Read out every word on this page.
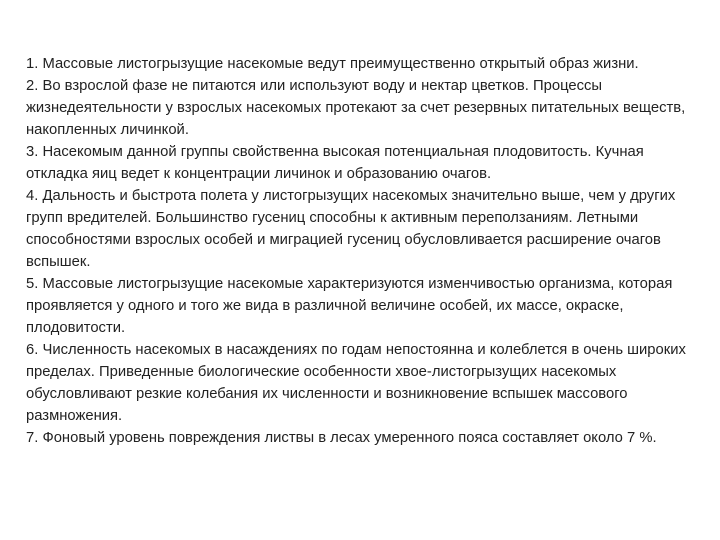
1. Массовые листогрызущие насекомые ведут преимущественно открытый образ жизни.

2. Во взрослой фазе не питаются или используют воду и нектар цветков. Процессы жизнедеятельности у взрослых насекомых протекают за счет резервных питательных веществ, накопленных личинкой.

3. Насекомым данной группы свойственна высокая потенциальная плодовитость. Кучная откладка яиц ведет к концентрации личинок и образованию очагов.

4. Дальность и быстрота полета у листогрызущих насекомых значительно выше, чем у других групп вредителей. Большинство гусениц способны к активным переползаниям. Летными способностями взрослых особей и миграцией гусениц обусловливается расширение очагов вспышек.

5. Массовые листогрызущие насекомые характеризуются изменчивостью организма, которая проявляется у одного и того же вида в различной величине особей, их массе, окраске, плодовитости.

6. Численность насекомых в насаждениях по годам непостоянна и колеблется в очень широких пределах. Приведенные биологические особенности хвое-листогрызущих насекомых обусловливают резкие колебания их численности и возникновение вспышек массового размножения.

7. Фоновый уровень повреждения листвы в лесах умеренного пояса составляет около 7 %.
